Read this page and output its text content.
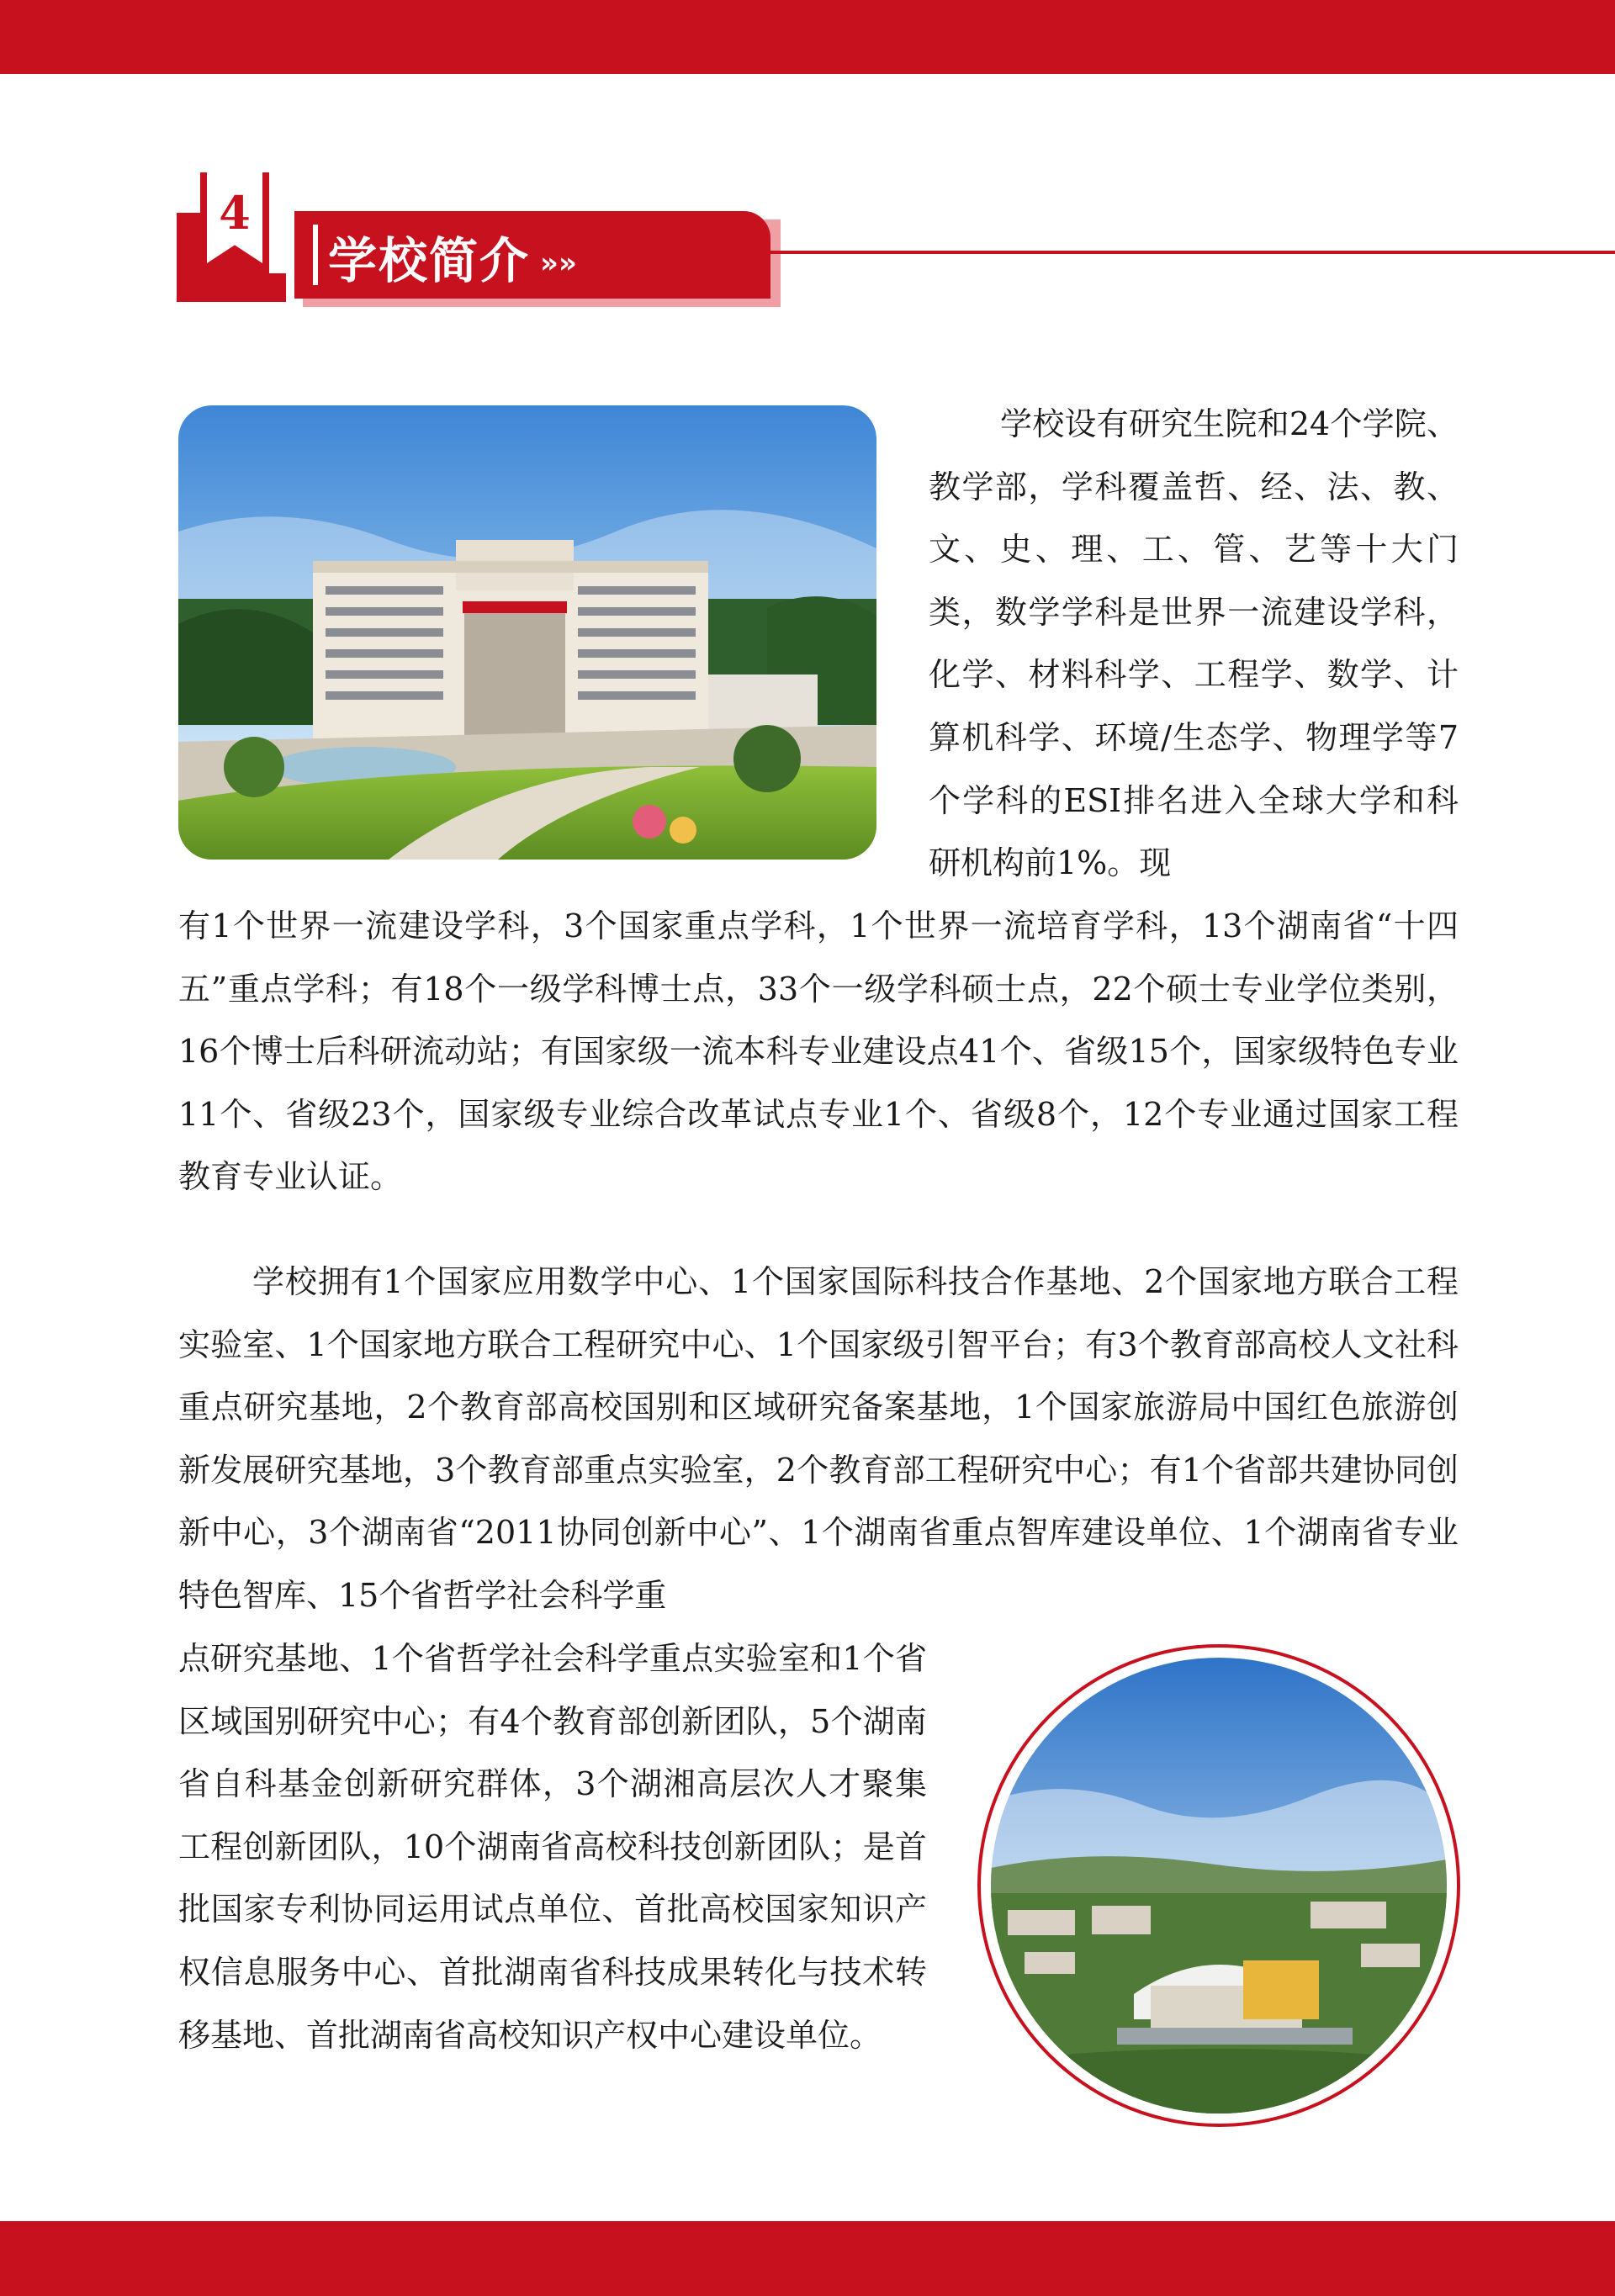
4
学校简介 »»
学校设有研究生院和24个学院、教学部，学科覆盖哲、经、法、教、文、史、理、工、管、艺等十大门类，数学学科是世界一流建设学科，化学、材料科学、工程学、数学、计算机科学、环境/生态学、物理学等7个学科的ESI排名进入全球大学和科研机构前1%。现
有1个世界一流建设学科，3个国家重点学科，1个世界一流培育学科，13个湖南省“十四五”重点学科；有18个一级学科博士点，33个一级学科硕士点，22个硕士专业学位类别，16个博士后科研流动站；有国家级一流本科专业建设点41个、省级15个，国家级特色专业11个、省级23个，国家级专业综合改革试点专业1个、省级8个，12个专业通过国家工程教育专业认证。
学校拥有1个国家应用数学中心、1个国家国际科技合作基地、2个国家地方联合工程实验室、1个国家地方联合工程研究中心、1个国家级引智平台；有3个教育部高校人文社科重点研究基地，2个教育部高校国别和区域研究备案基地，1个国家旅游局中国红色旅游创新发展研究基地，3个教育部重点实验室，2个教育部工程研究中心；有1个省部共建协同创新中心，3个湖南省“2011协同创新中心”、1个湖南省重点智库建设单位、1个湖南省专业特色智库、15个省哲学社会科学重
点研究基地、1个省哲学社会科学重点实验室和1个省区域国别研究中心；有4个教育部创新团队，5个湖南省自科基金创新研究群体，3个湖湘高层次人才聚集工程创新团队，10个湖南省高校科技创新团队；是首批国家专利协同运用试点单位、首批高校国家知识产权信息服务中心、首批湖南省科技成果转化与技术转移基地、首批湖南省高校知识产权中心建设单位。
